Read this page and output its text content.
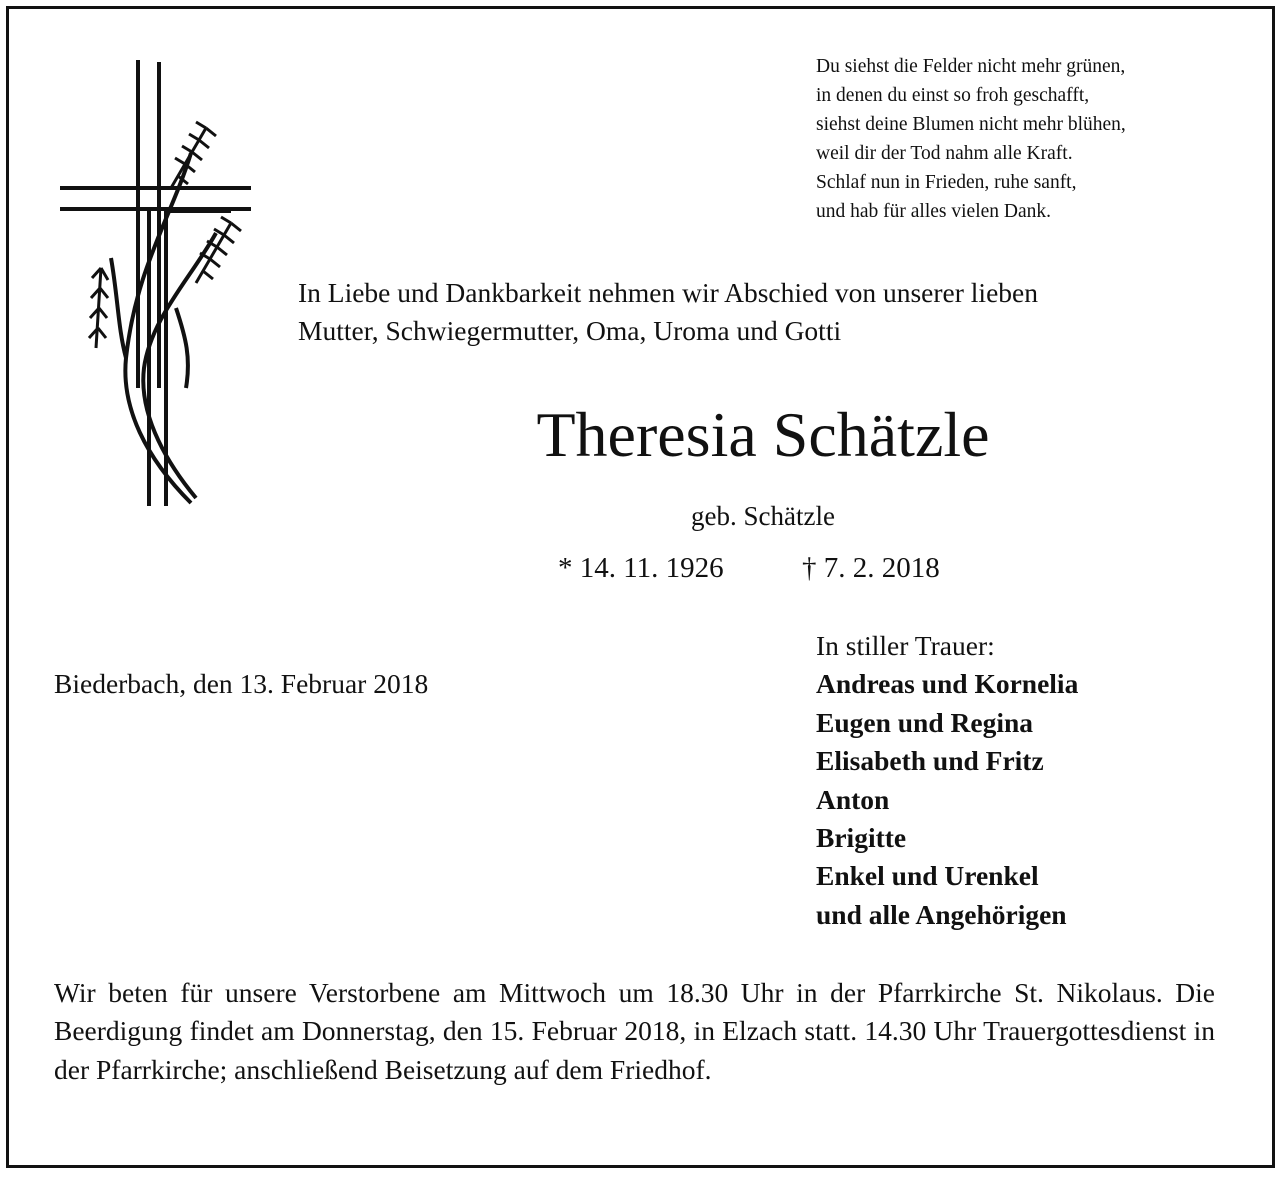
Du siehst die Felder nicht mehr grünen,
in denen du einst so froh geschafft,
siehst deine Blumen nicht mehr blühen,
weil dir der Tod nahm alle Kraft.
Schlaf nun in Frieden, ruhe sanft,
und hab für alles vielen Dank.
In Liebe und Dankbarkeit nehmen wir Abschied von unserer lieben
Mutter, Schwiegermutter, Oma, Uroma und Gotti
Theresia Schätzle
geb. Schätzle
* 14. 11. 1926	† 7. 2. 2018
Biederbach, den 13. Februar 2018
In stiller Trauer:
Andreas und Kornelia
Eugen und Regina
Elisabeth und Fritz
Anton
Brigitte
Enkel und Urenkel
und alle Angehörigen
Wir beten für unsere Verstorbene am Mittwoch um 18.30 Uhr in der Pfarrkirche St. Nikolaus. Die Beerdigung findet am Donnerstag, den 15. Februar 2018, in Elzach statt. 14.30 Uhr Trauergottesdienst in der Pfarrkirche; anschließend Beisetzung auf dem Friedhof.
